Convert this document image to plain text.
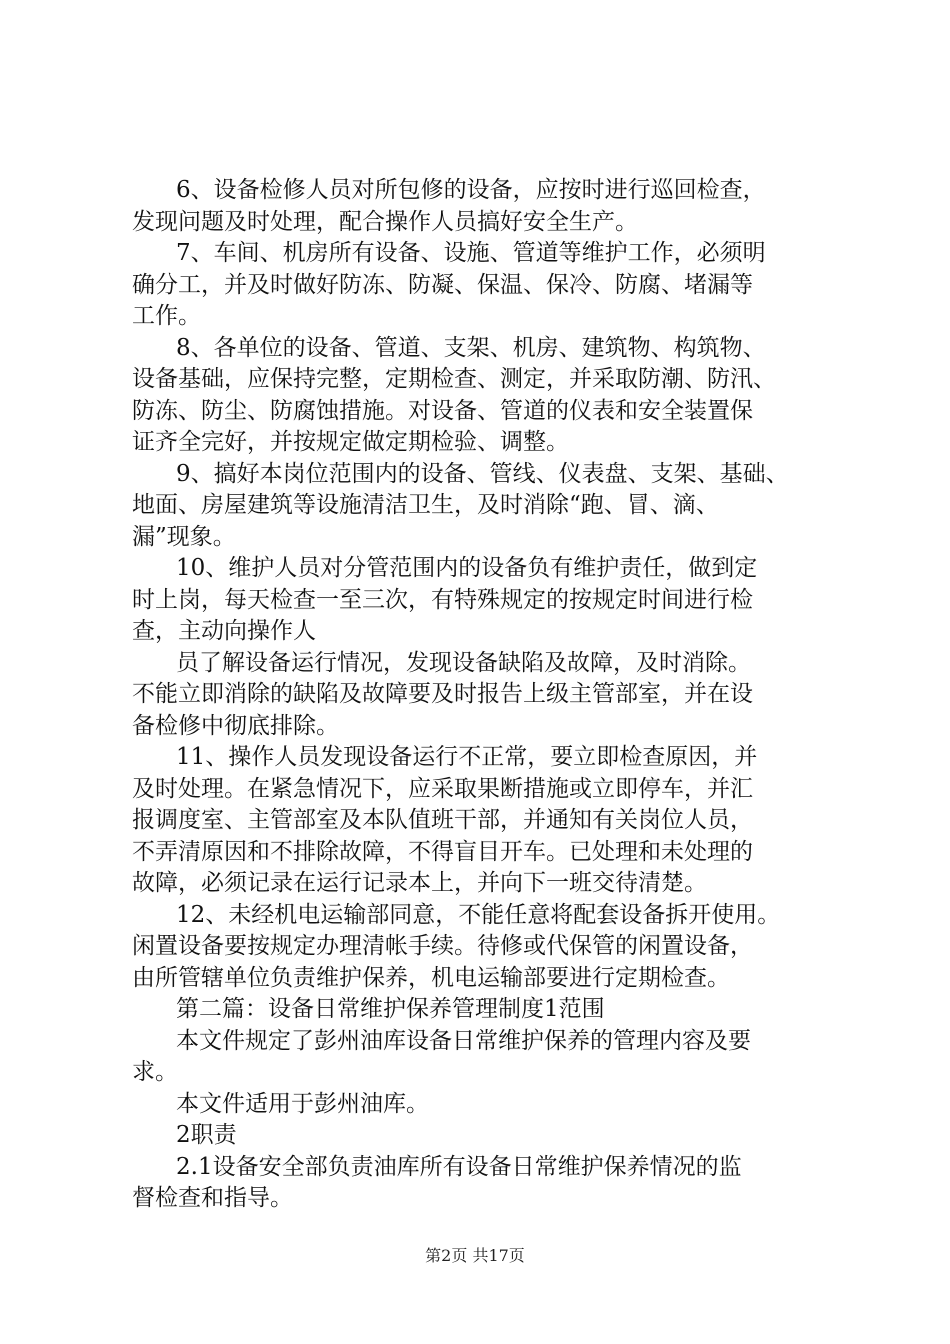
6、设备检修人员对所包修的设备，应按时进行巡回检查，
发现问题及时处理，配合操作人员搞好安全生产。
7、车间、机房所有设备、设施、管道等维护工作，必须明
确分工，并及时做好防冻、防凝、保温、保冷、防腐、堵漏等
工作。
8、各单位的设备、管道、支架、机房、建筑物、构筑物、
设备基础，应保持完整，定期检查、测定，并采取防潮、防汛、
防冻、防尘、防腐蚀措施。对设备、管道的仪表和安全装置保
证齐全完好，并按规定做定期检验、调整。
9、搞好本岗位范围内的设备、管线、仪表盘、支架、基础、
地面、房屋建筑等设施清洁卫生，及时消除“跑、冒、滴、
漏”现象。
10、维护人员对分管范围内的设备负有维护责任，做到定
时上岗，每天检查一至三次，有特殊规定的按规定时间进行检
查，主动向操作人
员了解设备运行情况，发现设备缺陷及故障，及时消除。
不能立即消除的缺陷及故障要及时报告上级主管部室，并在设
备检修中彻底排除。
11、操作人员发现设备运行不正常，要立即检查原因，并
及时处理。在紧急情况下，应采取果断措施或立即停车，并汇
报调度室、主管部室及本队值班干部，并通知有关岗位人员，
不弄清原因和不排除故障，不得盲目开车。已处理和未处理的
故障，必须记录在运行记录本上，并向下一班交待清楚。
12、未经机电运输部同意，不能任意将配套设备拆开使用。
闲置设备要按规定办理清帐手续。待修或代保管的闲置设备，
由所管辖单位负责维护保养，机电运输部要进行定期检查。
第二篇：设备日常维护保养管理制度1范围
本文件规定了彭州油库设备日常维护保养的管理内容及要
求。
本文件适用于彭州油库。
2职责
2.1设备安全部负责油库所有设备日常维护保养情况的监
督检查和指导。
第2页 共17页
